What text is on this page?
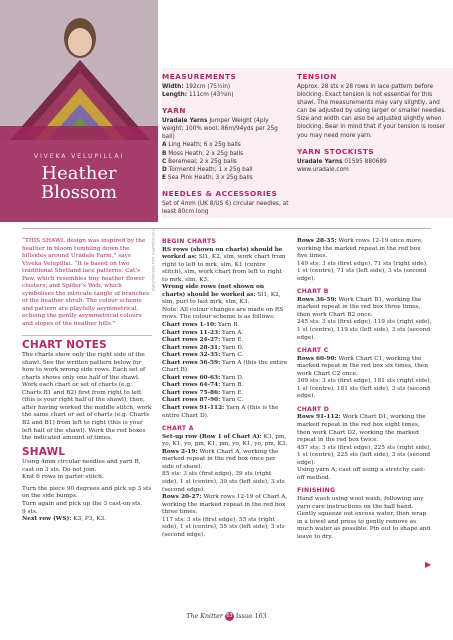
VIVEKA VELUPILLAI
Heather
Blossom
MEASUREMENTS
Width: 192cm (75½in)
Length: 111cm (43¾in)
YARN
Uradale Yarns Jumper Weight (4ply weight; 100% wool; 86m/94yds per 25g ball)
A Ling Heath; 6 x 25g balls
B Moss Heath; 2 x 25g balls
C Beremeal; 2 x 25g balls
D Tormentil Heath; 1 x 25g ball
E Sea Pink Heath; 3 x 25g balls
NEEDLES & ACCESSORIES
Set of 4mm (UK 8/US 6) circular needles, at least 80cm long
TENSION
Approx. 28 sts x 28 rows in lace pattern before blocking. Exact tension is not essential for this shawl. The measurements may vary slightly, and can be adjusted by using larger or smaller needles. Size and width can also be adjusted slightly when blocking. Bear in mind that if your tension is looser you may need more yarn.
YARN STOCKISTS
Uradale Yarns 01595 880689
www.uradale.com
PHOTOGRAPHY: DAN SHACKELFORD

“THIS SHAWL design was inspired by the heather in bloom tumbling down the hillsides around Uradale Farm,” says Viveka Velupillai. “It is based on two traditional Shetland lace patterns: Cat’s Paw, which resembles tiny heather flower clusters; and Spider’s Web, which symbolises the intricate tangle of branches of the heather shrub. The colour scheme and pattern are playfully asymmetrical, echoing the gently asymmetrical colours and slopes of the heather hills.”

CHART NOTES

The charts show only the right side of the shawl. See the written pattern below for how to work wrong side rows. Each set of charts shows only one half of the shawl. Work each chart or set of charts (e.g. Charts B1 and B2) first from right to left (this is your right half of the shawl), then, after having worked the middle stitch, work the same chart or set of charts (e.g. Charts B2 and B1) from left to right (this is your left half of the shawl). Work the red boxes the indicated amount of times.

SHAWL

Using 4mm circular needles and yarn B, cast on 3 sts. Do not join.

Knit 6 rows in garter stitch.

Turn the piece 90 degrees and pick up 3 sts on the side bumps.

Turn again and pick up the 3 cast-on sts.

9 sts.

Next row (WS): K3, P3, K3.

BEGIN CHARTS

RS rows (shown on charts) should be worked as: Sl1, K2, slm, work chart from right to left to mrk, slm, K1 (centre stitch), slm, work chart from left to right to mrk, slm, K3.

Wrong side rows (not shown on charts) should be worked as: Sl1, K2, slm, purl to last mrk, slm, K3.

Note: All colour changes are made on RS rows. The colour scheme is as follows:

Chart rows 1-10: Yarn B.
Chart rows 11-23: Yarn A.
Chart rows 24-27: Yarn E.
Chart rows 28-31: Yarn D.
Chart rows 32-35: Yarn C.
Chart rows 36-59: Yarn A (this the entire Chart B).
Chart rows 60-63: Yarn D.
Chart rows 64-74: Yarn B.
Chart rows 75-86: Yarn E.
Chart rows 87-90: Yarn C.
Chart rows 91-112: Yarn A (this is the entire Chart D).
CHART A

Set-up row (Row 1 of Chart A): K3, pm, yo, K1, yo, pm, K1, pm, yo, K1, yo, pm, K3.

Rows 2-19: Work Chart A, working the marked repeat in the red box once per side of shawl.

85 sts: 3 sts (first edge), 39 sts (right side), 1 st (centre), 39 sts (left side), 3 sts (second edge).

Rows 20-27: Work rows 12-19 of Chart A, working the marked repeat in the red box three times.

117 sts: 3 sts (first edge), 55 sts (right side), 1 st (centre), 55 sts (left side), 3 sts (second edge).

Rows 28-35: Work rows 12-19 once more, working the marked repeat in the red box five times.

149 sts: 3 sts (first edge), 71 sts (right side), 1 st (centre), 71 sts (left side), 3 sts (second edge).

CHART B

Rows 36-59: Work Chart B1, working the marked repeat in the red box three times, then work Chart B2 once.

245 sts: 3 sts (first edge), 119 sts (right side), 1 st (centre), 119 sts (left side), 3 sts (second edge).

CHART C

Rows 60-90: Work Chart C1, working the marked repeat in the red box six times, then work Chart C2 once.

369 sts: 3 sts (first edge), 181 sts (right side), 1 st (centre), 181 sts (left side), 3 sts (second edge).

CHART D

Rows 91-112: Work Chart D1, working the marked repeat in the red box eight times, then work Chart D2, working the marked repeat in the red box twice.

457 sts: 3 sts (first edge), 225 sts (right side), 1 st (centre), 225 sts (left side), 3 sts (second edge).

Using yarn A, cast off using a stretchy cast-off method.

FINISHING

Hand wash using wool wash, following any yarn care instructions on the ball band. Gently squeeze out excess water, then wrap in a towel and press to gently remove as much water as possible. Pin out to shape and leave to dry.

▶
The Knitter 63 Issue 163
